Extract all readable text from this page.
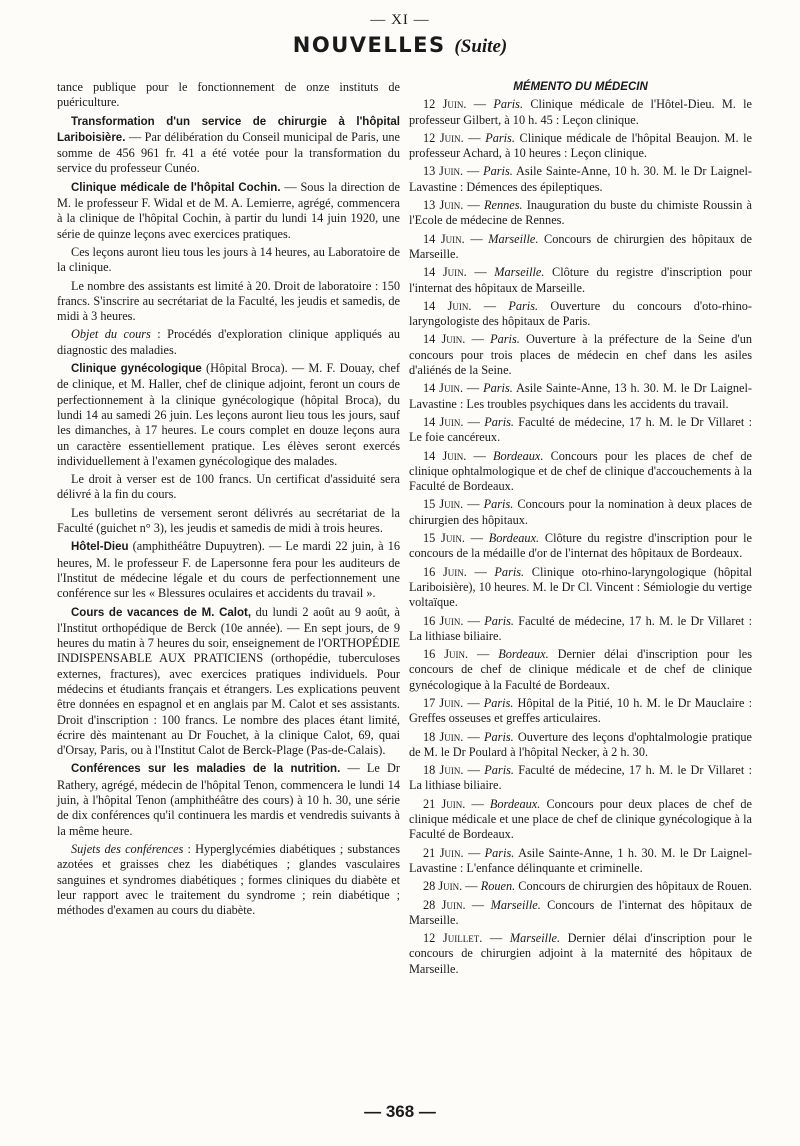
— XI —
NOUVELLES (Suite)

tance publique pour le fonctionnement de onze instituts de puériculture.

Transformation d'un service de chirurgie à l'hôpital Lariboisière. — Par délibération du Conseil municipal de Paris, une somme de 456 961 fr. 41 a été votée pour la transformation du service du professeur Cunéo.

Clinique médicale de l'hôpital Cochin. — Sous la direction de M. le professeur F. Widal et de M. A. Lemierre, agrégé, commencera à la clinique de l'hôpital Cochin, à partir du lundi 14 juin 1920, une série de quinze leçons avec exercices pratiques.

Ces leçons auront lieu tous les jours à 14 heures, au Laboratoire de la clinique.

Le nombre des assistants est limité à 20. Droit de laboratoire : 150 francs. S'inscrire au secrétariat de la Faculté, les jeudis et samedis, de midi à 3 heures.

Objet du cours : Procédés d'exploration clinique appliqués au diagnostic des maladies.

Clinique gynécologique (Hôpital Broca). — M. F. Douay, chef de clinique, et M. Haller, chef de clinique adjoint, feront un cours de perfectionnement à la clinique gynécologique (hôpital Broca), du lundi 14 au samedi 26 juin. Les leçons auront lieu tous les jours, sauf les dimanches, à 17 heures. Le cours complet en douze leçons aura un caractère essentiellement pratique. Les élèves seront exercés individuellement à l'examen gynécologique des malades.

Le droit à verser est de 100 francs. Un certificat d'assiduité sera délivré à la fin du cours.

Les bulletins de versement seront délivrés au secrétariat de la Faculté (guichet n° 3), les jeudis et samedis de midi à trois heures.

Hôtel-Dieu (amphithéâtre Dupuytren). — Le mardi 22 juin, à 16 heures, M. le professeur F. de Lapersonne fera pour les auditeurs de l'Institut de médecine légale et du cours de perfectionnement une conférence sur les « Blessures oculaires et accidents du travail ».

Cours de vacances de M. Calot, du lundi 2 août au 9 août, à l'Institut orthopédique de Berck (10e année). — En sept jours, de 9 heures du matin à 7 heures du soir, enseignement de l'ORTHOPÉDIE INDISPENSABLE AUX PRATICIENS (orthopédie, tuberculoses externes, fractures), avec exercices pratiques individuels. Pour médecins et étudiants français et étrangers. Les explications peuvent être données en espagnol et en anglais par M. Calot et ses assistants. Droit d'inscription : 100 francs. Le nombre des places étant limité, écrire dès maintenant au Dr Fouchet, à la clinique Calot, 69, quai d'Orsay, Paris, ou à l'Institut Calot de Berck-Plage (Pas-de-Calais).

Conférences sur les maladies de la nutrition. — Le Dr Rathery, agrégé, médecin de l'hôpital Tenon, commencera le lundi 14 juin, à l'hôpital Tenon (amphithéâtre des cours) à 10 h. 30, une série de dix conférences qu'il continuera les mardis et vendredis suivants à la même heure.

Sujets des conférences : Hyperglycémies diabétiques ; substances azotées et graisses chez les diabétiques ; glandes vasculaires sanguines et syndromes diabétiques ; formes cliniques du diabète et leur rapport avec le traitement du syndrome ; rein diabétique ; méthodes d'examen au cours du diabète.

MÉMENTO DU MÉDECIN

12 Juin. — Paris. Clinique médicale de l'Hôtel-Dieu. M. le professeur Gilbert, à 10 h. 45 : Leçon clinique.

12 Juin. — Paris. Clinique médicale de l'hôpital Beaujon. M. le professeur Achard, à 10 heures : Leçon clinique.

13 Juin. — Paris. Asile Sainte-Anne, 10 h. 30. M. le Dr Laignel-Lavastine : Démences des épileptiques.

13 Juin. — Rennes. Inauguration du buste du chimiste Roussin à l'Ecole de médecine de Rennes.

14 Juin. — Marseille. Concours de chirurgien des hôpitaux de Marseille.

14 Juin. — Marseille. Clôture du registre d'inscription pour l'internat des hôpitaux de Marseille.

14 Juin. — Paris. Ouverture du concours d'oto-rhino-laryngologiste des hôpitaux de Paris.

14 Juin. — Paris. Ouverture à la préfecture de la Seine d'un concours pour trois places de médecin en chef dans les asiles d'aliénés de la Seine.

14 Juin. — Paris. Asile Sainte-Anne, 13 h. 30. M. le Dr Laignel-Lavastine : Les troubles psychiques dans les accidents du travail.

14 Juin. — Paris. Faculté de médecine, 17 h. M. le Dr Villaret : Le foie cancéreux.

14 Juin. — Bordeaux. Concours pour les places de chef de clinique ophtalmologique et de chef de clinique d'accouchements à la Faculté de Bordeaux.

15 Juin. — Paris. Concours pour la nomination à deux places de chirurgien des hôpitaux.

15 Juin. — Bordeaux. Clôture du registre d'inscription pour le concours de la médaille d'or de l'internat des hôpitaux de Bordeaux.

16 Juin. — Paris. Clinique oto-rhino-laryngologique (hôpital Lariboisière), 10 heures. M. le Dr Cl. Vincent : Sémiologie du vertige voltaïque.

16 Juin. — Paris. Faculté de médecine, 17 h. M. le Dr Villaret : La lithiase biliaire.

16 Juin. — Bordeaux. Dernier délai d'inscription pour les concours de chef de clinique médicale et de chef de clinique gynécologique à la Faculté de Bordeaux.

17 Juin. — Paris. Hôpital de la Pitié, 10 h. M. le Dr Mauclaire : Greffes osseuses et greffes articulaires.

18 Juin. — Paris. Ouverture des leçons d'ophtalmologie pratique de M. le Dr Poulard à l'hôpital Necker, à 2 h. 30.

18 Juin. — Paris. Faculté de médecine, 17 h. M. le Dr Villaret : La lithiase biliaire.

21 Juin. — Bordeaux. Concours pour deux places de chef de clinique médicale et une place de chef de clinique gynécologique à la Faculté de Bordeaux.

21 Juin. — Paris. Asile Sainte-Anne, 1 h. 30. M. le Dr Laignel-Lavastine : L'enfance délinquante et criminelle.

28 Juin. — Rouen. Concours de chirurgien des hôpitaux de Rouen.

28 Juin. — Marseille. Concours de l'internat des hôpitaux de Marseille.

12 Juillet. — Marseille. Dernier délai d'inscription pour le concours de chirurgien adjoint à la maternité des hôpitaux de Marseille.

— 368 —
